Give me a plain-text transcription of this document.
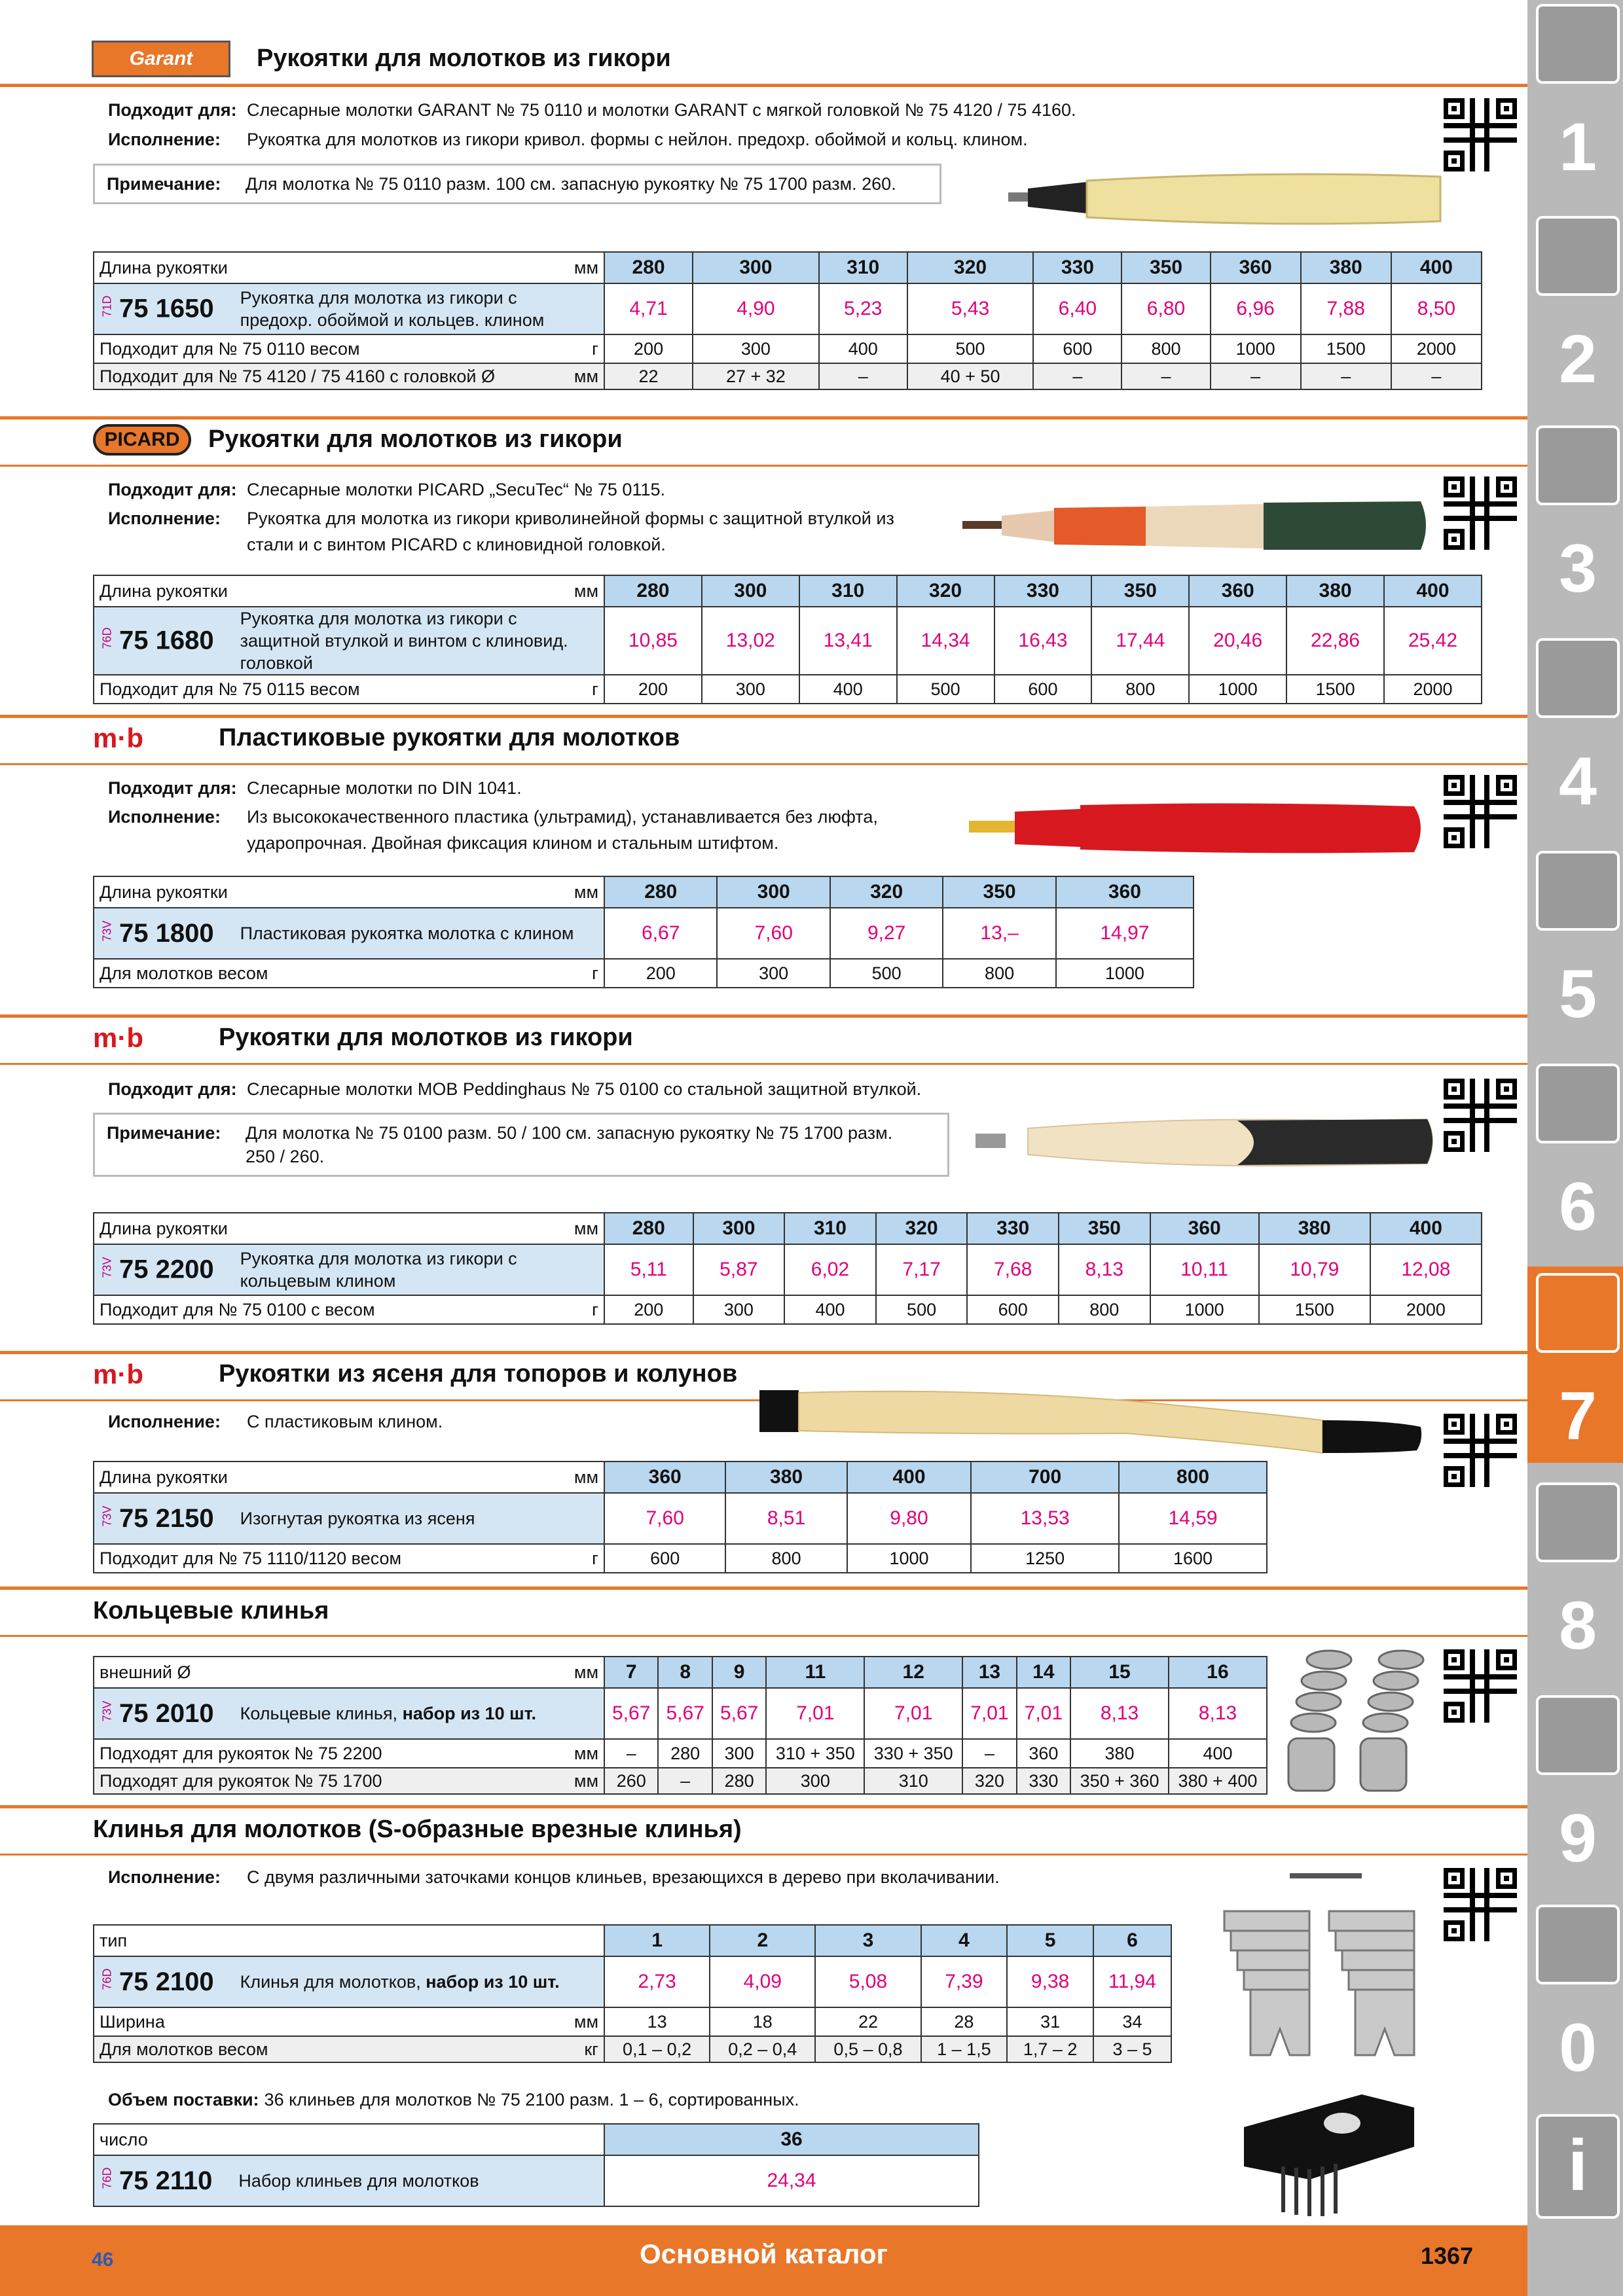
1
2
3
4
5
6
7
8
9
0
i
Garant	Рукоятки для молотков из гикори
Подходит для: Слесарные молотки GARANT № 75 0110 и молотки GARANT с мягкой головкой № 75 4120 / 75 4160.
Исполнение: Рукоятка для молотков из гикори кривол. формы с нейлон. предохр. обоймой и кольц. клином.
Примечание: Для молотка № 75 0110 разм. 100 см. запасную рукоятку № 75 1700 разм. 260.
Длина рукоятки мм	280	300	310	320	330	350	360	380	400
71D 75 1650 Рукоятка для молотка из гикори с предохр. обоймой и кольцев. клином	4,71	4,90	5,23	5,43	6,40	6,80	6,96	7,88	8,50
Подходит для № 75 0110 весом г	200	300	400	500	600	800	1000	1500	2000
Подходит для № 75 4120 / 75 4160 с головкой Ø мм	22	27 + 32	–	40 + 50	–	–	–	–	–
PICARD	Рукоятки для молотков из гикори
Подходит для: Слесарные молотки PICARD „SecuTec“ № 75 0115.
Исполнение: Рукоятка для молотка из гикори криволинейной формы с защитной втулкой из стали и с винтом PICARD с клиновидной головкой.
Длина рукоятки мм	280	300	310	320	330	350	360	380	400
76D 75 1680Рукоятка для молотка из гикори с защитной втулкой и винтом с клиновид. головкой	10,85	13,02	13,41	14,34	16,43	17,44	20,46	22,86	25,42
Подходит для № 75 0115 весом г	200	300	400	500	600	800	1000	1500	2000
m·b	Пластиковые рукоятки для молотков
Подходит для: Слесарные молотки по DIN 1041.
Исполнение: Из высококачественного пластика (ультрамид), устанавливается без люфта, ударопрочная. Двойная фиксация клином и стальным штифтом.
Длина рукоятки мм	280	300	320	350	360
73V 75 1800 Пластиковая рукоятка молотка с клином	6,67	7,60	9,27	13,–	14,97
Для молотков весом г	200	300	500	800	1000
m·b	Рукоятки для молотков из гикори
Подходит для: Слесарные молотки MOB Peddinghaus № 75 0100 со стальной защитной втулкой.
Примечание: Для молотка № 75 0100 разм. 50 / 100 см. запасную рукоятку № 75 1700 разм. 250 / 260.
Длина рукоятки мм	280	300	310	320	330	350	360	380	400
73V 75 2200 Рукоятка для молотка из гикори с кольцевым клином	5,11	5,87	6,02	7,17	7,68	8,13	10,11	10,79	12,08
Подходит для № 75 0100 с весом г	200	300	400	500	600	800	1000	1500	2000
m·b	Рукоятки из ясеня для топоров и колунов
Исполнение: С пластиковым клином.
Длина рукоятки мм	360	380	400	700	800
73V 75 2150 Изогнутая рукоятка из ясеня	7,60	8,51	9,80	13,53	14,59
Подходит для № 75 1110/1120 весом г	600	800	1000	1250	1600
Кольцевые клинья
внешний Ø мм	7	8	9	11	12	13	14	15	16
73V 75 2010 Кольцевые клинья, набор из 10 шт.	5,67	5,67	5,67	7,01	7,01	7,01	7,01	8,13	8,13
Подходят для рукояток № 75 2200 мм	–	280	300	310 + 350	330 + 350	–	360	380	400
Подходят для рукояток № 75 1700 мм	260	–	280	300	310	320	330	350 + 360	380 + 400
Клинья для молотков (S-образные врезные клинья)
Исполнение: С двумя различными заточками концов клиньев, врезающихся в дерево при вколачивании.
тип	1	2	3	4	5	6
76D 75 2100 Клинья для молотков, набор из 10 шт.	2,73	4,09	5,08	7,39	9,38	11,94
Ширина мм	13	18	22	28	31	34
Для молотков весом кг	0,1 – 0,2	0,2 – 0,4	0,5 – 0,8	1 – 1,5	1,7 – 2	3 – 5
Объем поставки: 36 клиньев для молотков № 75 2100 разм. 1 – 6, сортированных.
число	36
76D 75 2110 Набор клиньев для молотков	24,34
46	Основной каталог	1367
